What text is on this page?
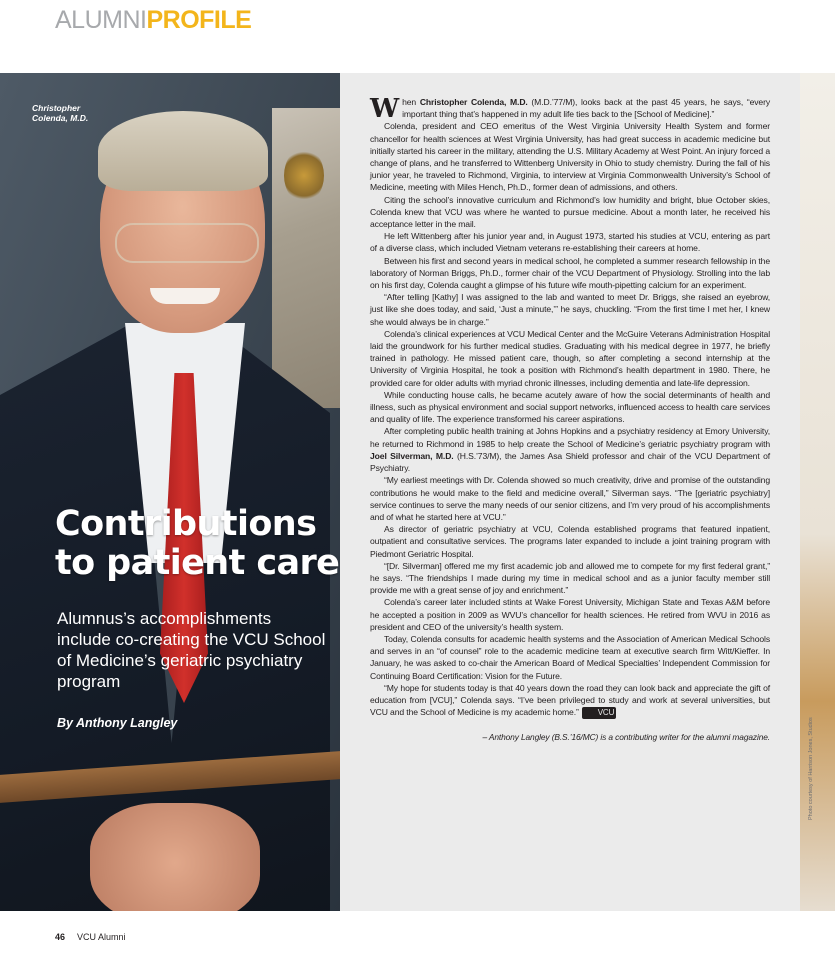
ALUMNIPROFILE
Christopher
Colenda, M.D.
Contributions
to patient care

Alumnus’s accomplishments include co-creating the VCU School of Medicine’s geriatric psychiatry program

By Anthony Langley

When Christopher Colenda, M.D. (M.D.’77/M), looks back at the past 45 years, he says, “every important thing that’s happened in my adult life ties back to the [School of Medicine].”

Colenda, president and CEO emeritus of the West Virginia University Health System and former chancellor for health sciences at West Virginia University, has had great success in academic medicine but initially started his career in the military, attending the U.S. Military Academy at West Point. An injury forced a change of plans, and he transferred to Wittenberg University in Ohio to study chemistry. During the fall of his junior year, he traveled to Richmond, Virginia, to interview at Virginia Commonwealth University’s School of Medicine, meeting with Miles Hench, Ph.D., former dean of admissions, and others.

Citing the school’s innovative curriculum and Richmond’s low humidity and bright, blue October skies, Colenda knew that VCU was where he wanted to pursue medicine. About a month later, he received his acceptance letter in the mail.

He left Wittenberg after his junior year and, in August 1973, started his studies at VCU, entering as part of a diverse class, which included Vietnam veterans re-establishing their careers at home.

Between his first and second years in medical school, he completed a summer research fellowship in the laboratory of Norman Briggs, Ph.D., former chair of the VCU Department of Physiology. Strolling into the lab on his first day, Colenda caught a glimpse of his future wife mouth-pipetting calcium for an experiment.

“After telling [Kathy] I was assigned to the lab and wanted to meet Dr. Briggs, she raised an eyebrow, just like she does today, and said, ‘Just a minute,’” he says, chuckling. “From the first time I met her, I knew she would always be in charge.”

Colenda’s clinical experiences at VCU Medical Center and the McGuire Veterans Administration Hospital laid the groundwork for his further medical studies. Graduating with his medical degree in 1977, he briefly trained in pathology. He missed patient care, though, so after completing a second internship at the University of Virginia Hospital, he took a position with Richmond’s health department in 1980. There, he provided care for older adults with myriad chronic illnesses, including dementia and late-life depression.

While conducting house calls, he became acutely aware of how the social determinants of health and illness, such as physical environment and social support networks, influenced access to health care services and quality of life. The experience transformed his career aspirations.

After completing public health training at Johns Hopkins and a psychiatry residency at Emory University, he returned to Richmond in 1985 to help create the School of Medicine’s geriatric psychiatry program with Joel Silverman, M.D. (H.S.’73/M), the James Asa Shield professor and chair of the VCU Department of Psychiatry.

“My earliest meetings with Dr. Colenda showed so much creativity, drive and promise of the outstanding contributions he would make to the field and medicine overall,” Silverman says. “The [geriatric psychiatry] service continues to serve the many needs of our senior citizens, and I’m very proud of his accomplishments and of what he started here at VCU.”

As director of geriatric psychiatry at VCU, Colenda established programs that featured inpatient, outpatient and consultative services. The programs later expanded to include a joint training program with Piedmont Geriatric Hospital.

“[Dr. Silverman] offered me my first academic job and allowed me to compete for my first federal grant,” he says. “The friendships I made during my time in medical school and as a junior faculty member still provide me with a great sense of joy and enrichment.”

Colenda’s career later included stints at Wake Forest University, Michigan State and Texas A&M before he accepted a position in 2009 as WVU’s chancellor for health sciences. He retired from WVU in 2016 as president and CEO of the university’s health system.

Today, Colenda consults for academic health systems and the Association of American Medical Schools and serves in an “of counsel” role to the academic medicine team at executive search firm Witt/Kieffer. In January, he was asked to co-chair the American Board of Medical Specialties’ Independent Commission for Continuing Board Certification: Vision for the Future.

“My hope for students today is that 40 years down the road they can look back and appreciate the gift of education from [VCU],” Colenda says. “I’ve been privileged to study and work at several universities, but VCU and the School of Medicine is my academic home.” VCU

– Anthony Langley (B.S.’16/MC) is a contributing writer for the alumni magazine.	Photo courtesy of Harrison Jones, Studios
46 VCU Alumni
